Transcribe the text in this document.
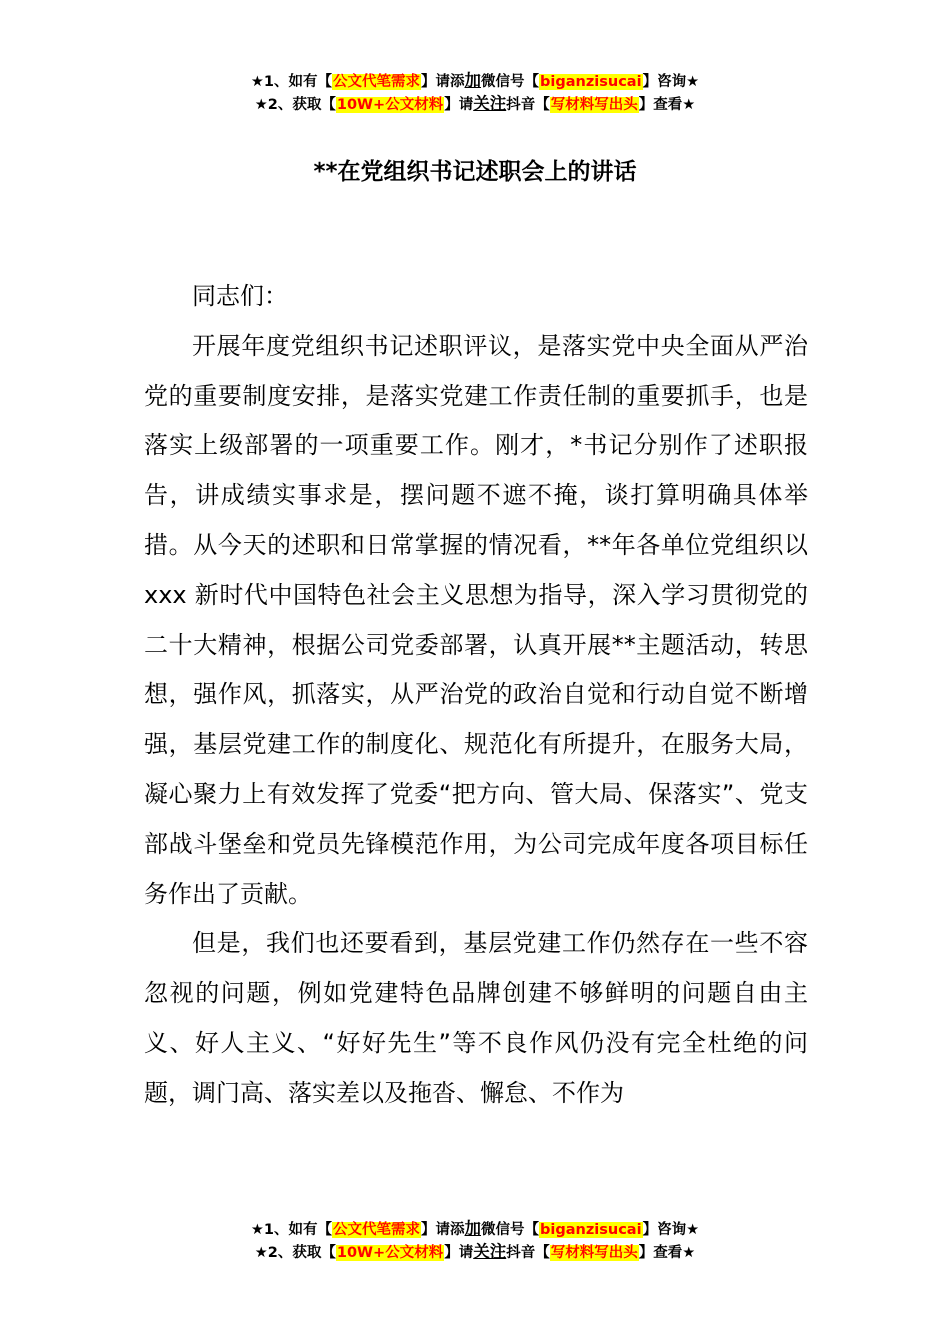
★1、如有【公文代笔需求】请添加微信号【biganzisucai】咨询★
★2、获取【10W+公文材料】请关注抖音【写材料写出头】查看★
**在党组织书记述职会上的讲话

同志们：

开展年度党组织书记述职评议，是落实党中央全面从严治党的重要制度安排，是落实党建工作责任制的重要抓手，也是落实上级部署的一项重要工作。刚才，*书记分别作了述职报告，讲成绩实事求是，摆问题不遮不掩，谈打算明确具体举措。从今天的述职和日常掌握的情况看，**年各单位党组织以 xxx 新时代中国特色社会主义思想为指导，深入学习贯彻党的二十大精神，根据公司党委部署，认真开展**主题活动，转思想，强作风，抓落实，从严治党的政治自觉和行动自觉不断增强，基层党建工作的制度化、规范化有所提升，在服务大局，凝心聚力上有效发挥了党委“把方向、管大局、保落实”、党支部战斗堡垒和党员先锋模范作用，为公司完成年度各项目标任务作出了贡献。

但是，我们也还要看到，基层党建工作仍然存在一些不容忽视的问题，例如党建特色品牌创建不够鲜明的问题自由主义、好人主义、“好好先生”等不良作风仍没有完全杜绝的问题，调门高、落实差以及拖沓、懈怠、不作为

★1、如有【公文代笔需求】请添加微信号【biganzisucai】咨询★
★2、获取【10W+公文材料】请关注抖音【写材料写出头】查看★
